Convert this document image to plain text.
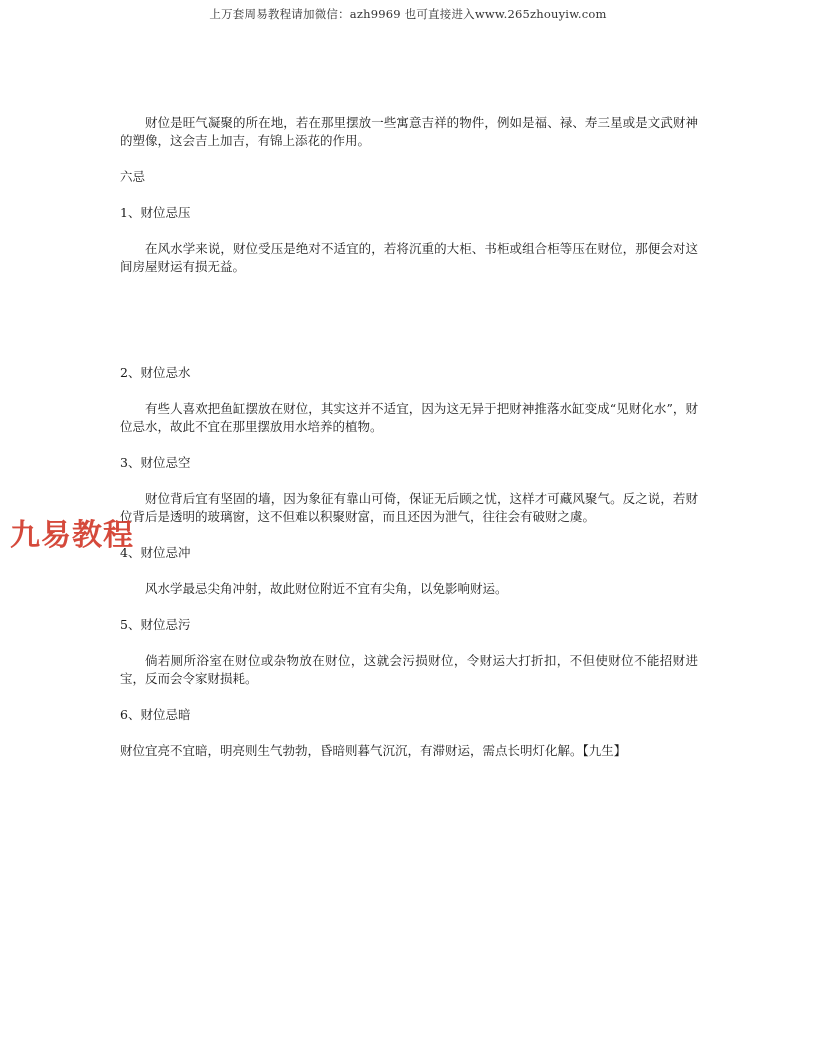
上万套周易教程请加微信：azh9969 也可直接进入www.265zhouyiw.com

财位是旺气凝聚的所在地，若在那里摆放一些寓意吉祥的物件，例如是福、禄、寿三星或是文武财神的塑像，这会吉上加吉，有锦上添花的作用。

六忌

1、财位忌压

在风水学来说，财位受压是绝对不适宜的，若将沉重的大柜、书柜或组合柜等压在财位，那便会对这间房屋财运有损无益。

2、财位忌水

有些人喜欢把鱼缸摆放在财位，其实这并不适宜，因为这无异于把财神推落水缸变成“见财化水”，财位忌水，故此不宜在那里摆放用水培养的植物。

3、财位忌空

财位背后宜有坚固的墙，因为象征有靠山可倚，保证无后顾之忧，这样才可藏风聚气。反之说，若财位背后是透明的玻璃窗，这不但难以积聚财富，而且还因为泄气，往往会有破财之虞。

4、财位忌冲

风水学最忌尖角冲射，故此财位附近不宜有尖角，以免影响财运。

5、财位忌污

倘若厕所浴室在财位或杂物放在财位，这就会污损财位，令财运大打折扣，不但使财位不能招财进宝，反而会令家财损耗。

6、财位忌暗

财位宜亮不宜暗，明亮则生气勃勃，昏暗则暮气沉沉，有滞财运，需点长明灯化解。【九生】

九易教程
